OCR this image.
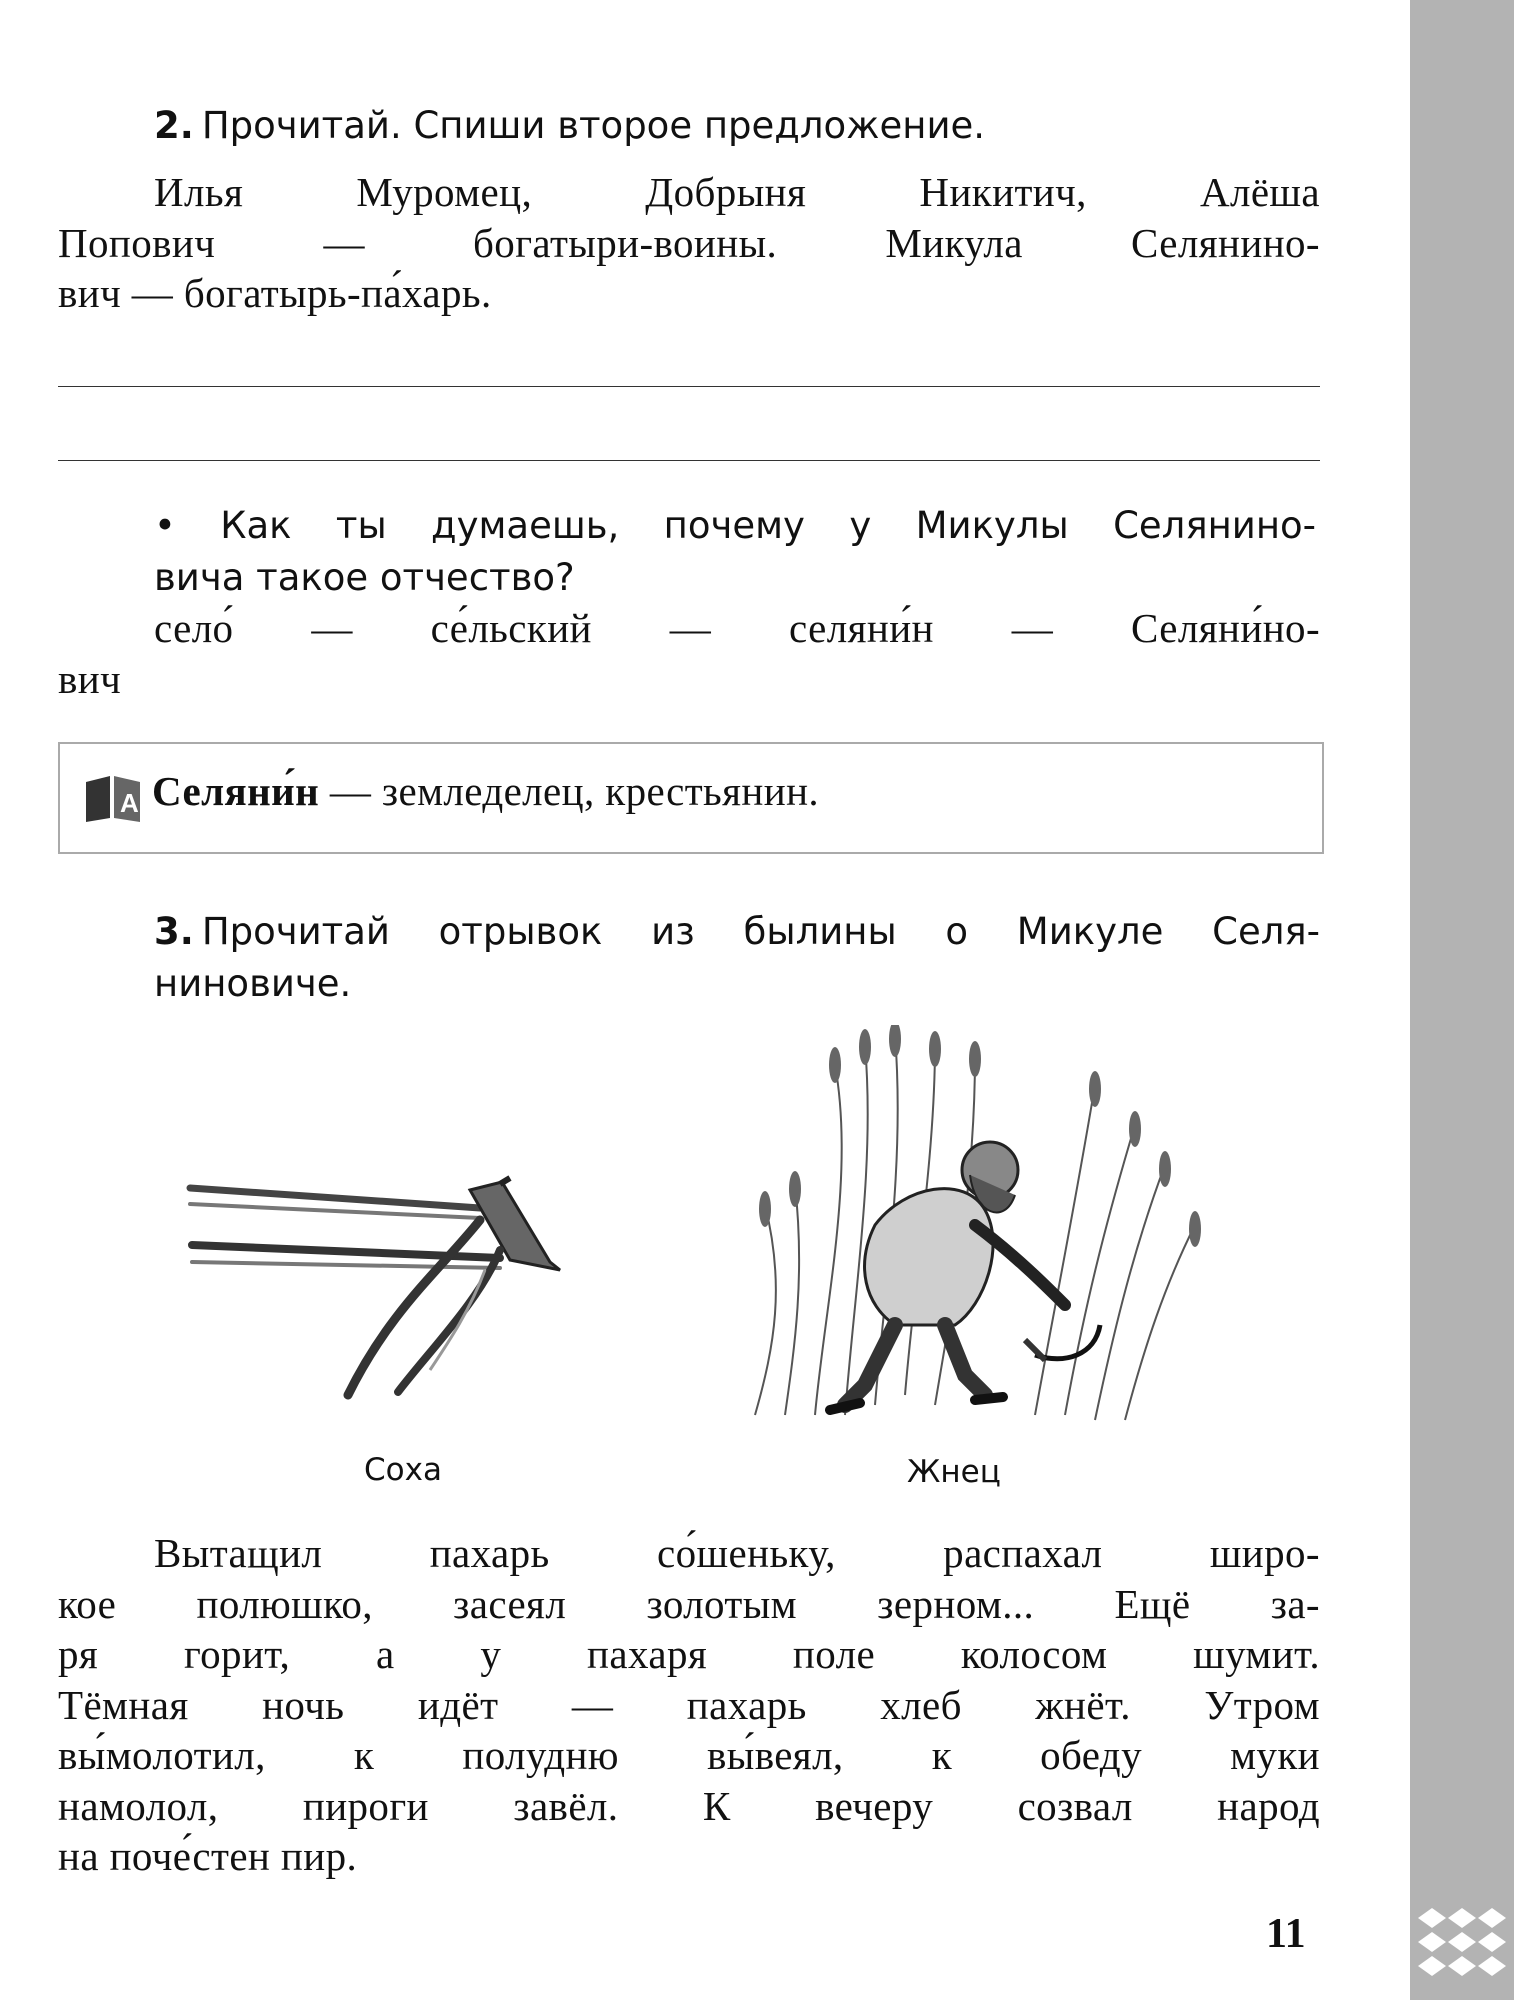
2. Прочитай. Спиши второе предложение.
Илья Муромец, Добрыня Никитич, Алёша
Попович — богатыри-воины. Микула Селянино-
вич — богатырь-па́харь.
• Как ты думаешь, почему у Микулы Селянино-
вича такое отчество?
село́ — се́льский — селяни́н — Селяни́но-
вич
А Селяни́н — земледелец, крестьянин.
3. Прочитай отрывок из былины о Микуле Селя-
ниновиче.
Соха	Жнец
Вытащил пахарь со́шеньку, распахал широ-
кое полюшко, засеял золотым зерном... Ещё за-
ря горит, а у пахаря поле колосом шумит.
Тёмная ночь идёт — пахарь хлеб жнёт. Утром
вы́молотил, к полудню вы́веял, к обеду муки
намолол, пироги завёл. К вечеру созвал народ
на поче́стен пир.
11
